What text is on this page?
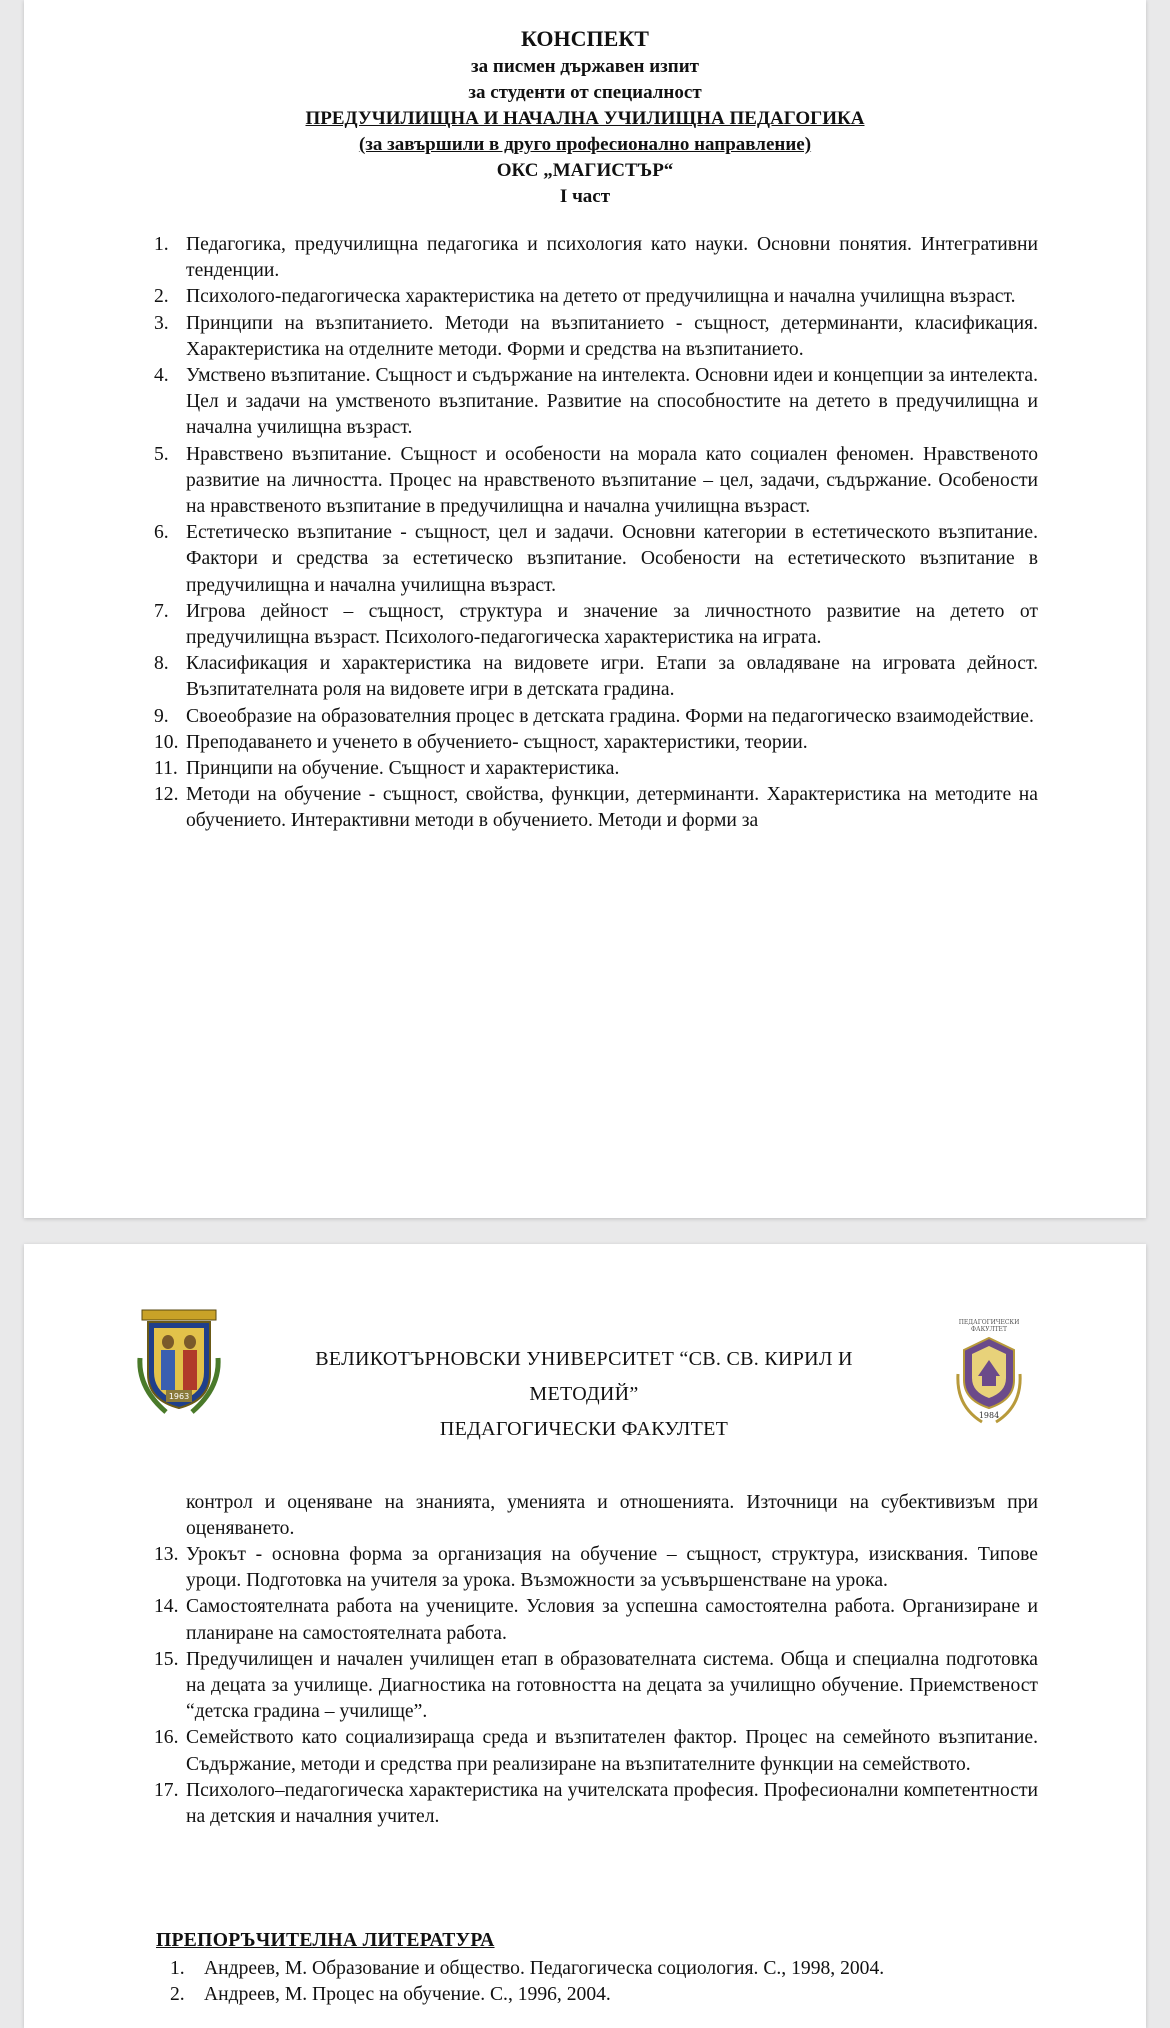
КОНСПЕКТ
за писмен държавен изпит
за студенти от специалност
ПРЕДУЧИЛИЩНА И НАЧАЛНА УЧИЛИЩНА ПЕДАГОГИКА
(за завършили в друго професионално направление)
ОКС „МАГИСТЪР“
І част
1. Педагогика, предучилищна педагогика и психология като науки. Основни понятия. Интегративни тенденции.
2. Психолого-педагогическа характеристика на детето от предучилищна и начална училищна възраст.
3. Принципи на възпитанието. Методи на възпитанието - същност, детерминанти, класификация. Характеристика на отделните методи. Форми и средства на възпитанието.
4. Умствено възпитание. Същност и съдържание на интелекта. Основни идеи и концепции за интелекта. Цел и задачи на умственото възпитание. Развитие на способностите на детето в предучилищна и начална училищна възраст.
5. Нравствено възпитание. Същност и особености на морала като социален феномен. Нравственото развитие на личността. Процес на нравственото възпитание – цел, задачи, съдържание. Особености на нравственото възпитание в предучилищна и начална училищна възраст.
6. Естетическо възпитание - същност, цел и задачи. Основни категории в естетическото възпитание. Фактори и средства за естетическо възпитание. Особености на естетическото възпитание в предучилищна и начална училищна възраст.
7. Игрова дейност – същност, структура и значение за личностното развитие на детето от предучилищна възраст. Психолого-педагогическа характеристика на играта.
8. Класификация и характеристика на видовете игри. Етапи за овладяване на игровата дейност. Възпитателната роля на видовете игри в детската градина.
9. Своеобразие на образователния процес в детската градина. Форми на педагогическо взаимодействие.
10. Преподаването и ученето в обучението- същност, характеристики, теории.
11. Принципи на обучение. Същност и характеристика.
12. Методи на обучение - същност, свойства, функции, детерминанти. Характеристика на методите на обучението. Интерактивни методи в обучението. Методи и форми за
1963
ПЕДАГОГИЧЕСКИ
ФАКУЛТЕТ
1984
ВЕЛИКОТЪРНОВСКИ УНИВЕРСИТЕТ “СВ. СВ. КИРИЛ И
МЕТОДИЙ”
ПЕДАГОГИЧЕСКИ ФАКУЛТЕТ
контрол и оценяване на знанията, уменията и отношенията. Източници на субективизъм при оценяването.
13. Урокът - основна форма за организация на обучение – същност, структура, изисквания. Типове уроци. Подготовка на учителя за урока. Възможности за усъвършенстване на урока.
14. Самостоятелната работа на учениците. Условия за успешна самостоятелна работа. Организиране и планиране на самостоятелната работа.
15. Предучилищен и начален училищен етап в образователната система. Обща и специална подготовка на децата за училище. Диагностика на готовността на децата за училищно обучение. Приемственост “детска градина – училище”.
16. Семейството като социализираща среда и възпитателен фактор. Процес на семейното възпитание. Съдържание, методи и средства при реализиране на възпитателните функции на семейството.
17. Психолого–педагогическа характеристика на учителската професия. Професионални компетентности на детския и началния учител.
ПРЕПОРЪЧИТЕЛНА ЛИТЕРАТУРА
1. Андреев, М. Образование и общество. Педагогическа социология. С., 1998, 2004.
2. Андреев, М. Процес на обучение. С., 1996, 2004.
